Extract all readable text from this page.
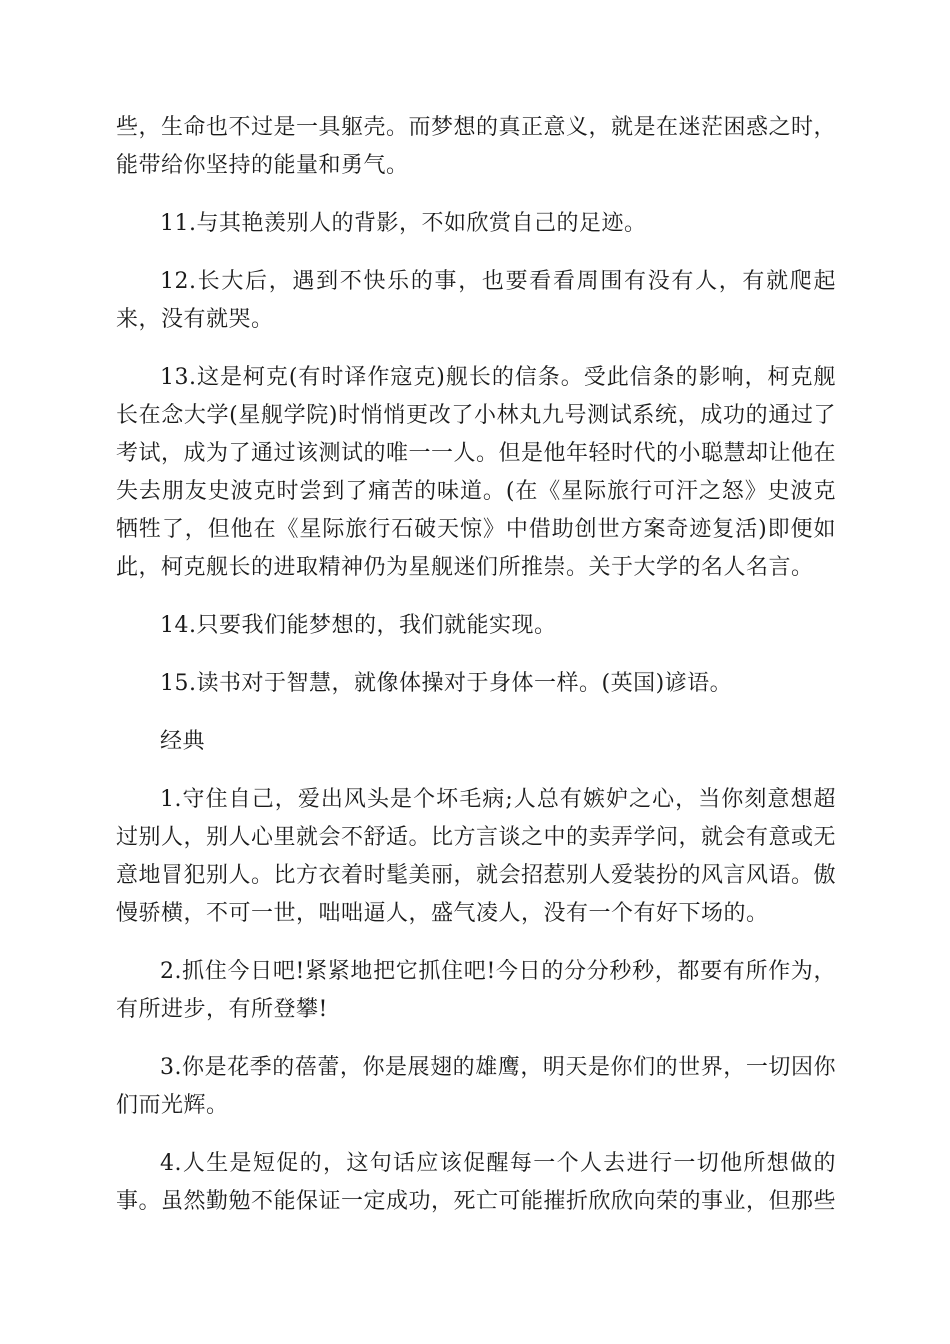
些，生命也不过是一具躯壳。而梦想的真正意义，就是在迷茫困惑之时，能带给你坚持的能量和勇气。

11.与其艳羡别人的背影，不如欣赏自己的足迹。

12.长大后，遇到不快乐的事，也要看看周围有没有人，有就爬起来，没有就哭。

13.这是柯克(有时译作寇克)舰长的信条。受此信条的影响，柯克舰长在念大学(星舰学院)时悄悄更改了小林丸九号测试系统，成功的通过了考试，成为了通过该测试的唯一一人。但是他年轻时代的小聪慧却让他在失去朋友史波克时尝到了痛苦的味道。(在《星际旅行可汗之怒》史波克牺牲了，但他在《星际旅行石破天惊》中借助创世方案奇迹复活)即便如此，柯克舰长的进取精神仍为星舰迷们所推崇。关于大学的名人名言。

14.只要我们能梦想的，我们就能实现。

15.读书对于智慧，就像体操对于身体一样。(英国)谚语。

经典

1.守住自己，爱出风头是个坏毛病;人总有嫉妒之心，当你刻意想超过别人，别人心里就会不舒适。比方言谈之中的卖弄学问，就会有意或无意地冒犯别人。比方衣着时髦美丽，就会招惹别人爱装扮的风言风语。傲慢骄横，不可一世，咄咄逼人，盛气凌人，没有一个有好下场的。

2.抓住今日吧!紧紧地把它抓住吧!今日的分分秒秒，都要有所作为，有所进步，有所登攀!

3.你是花季的蓓蕾，你是展翅的雄鹰，明天是你们的世界，一切因你们而光辉。

4.人生是短促的，这句话应该促醒每一个人去进行一切他所想做的事。虽然勤勉不能保证一定成功，死亡可能摧折欣欣向荣的事业，但那些
